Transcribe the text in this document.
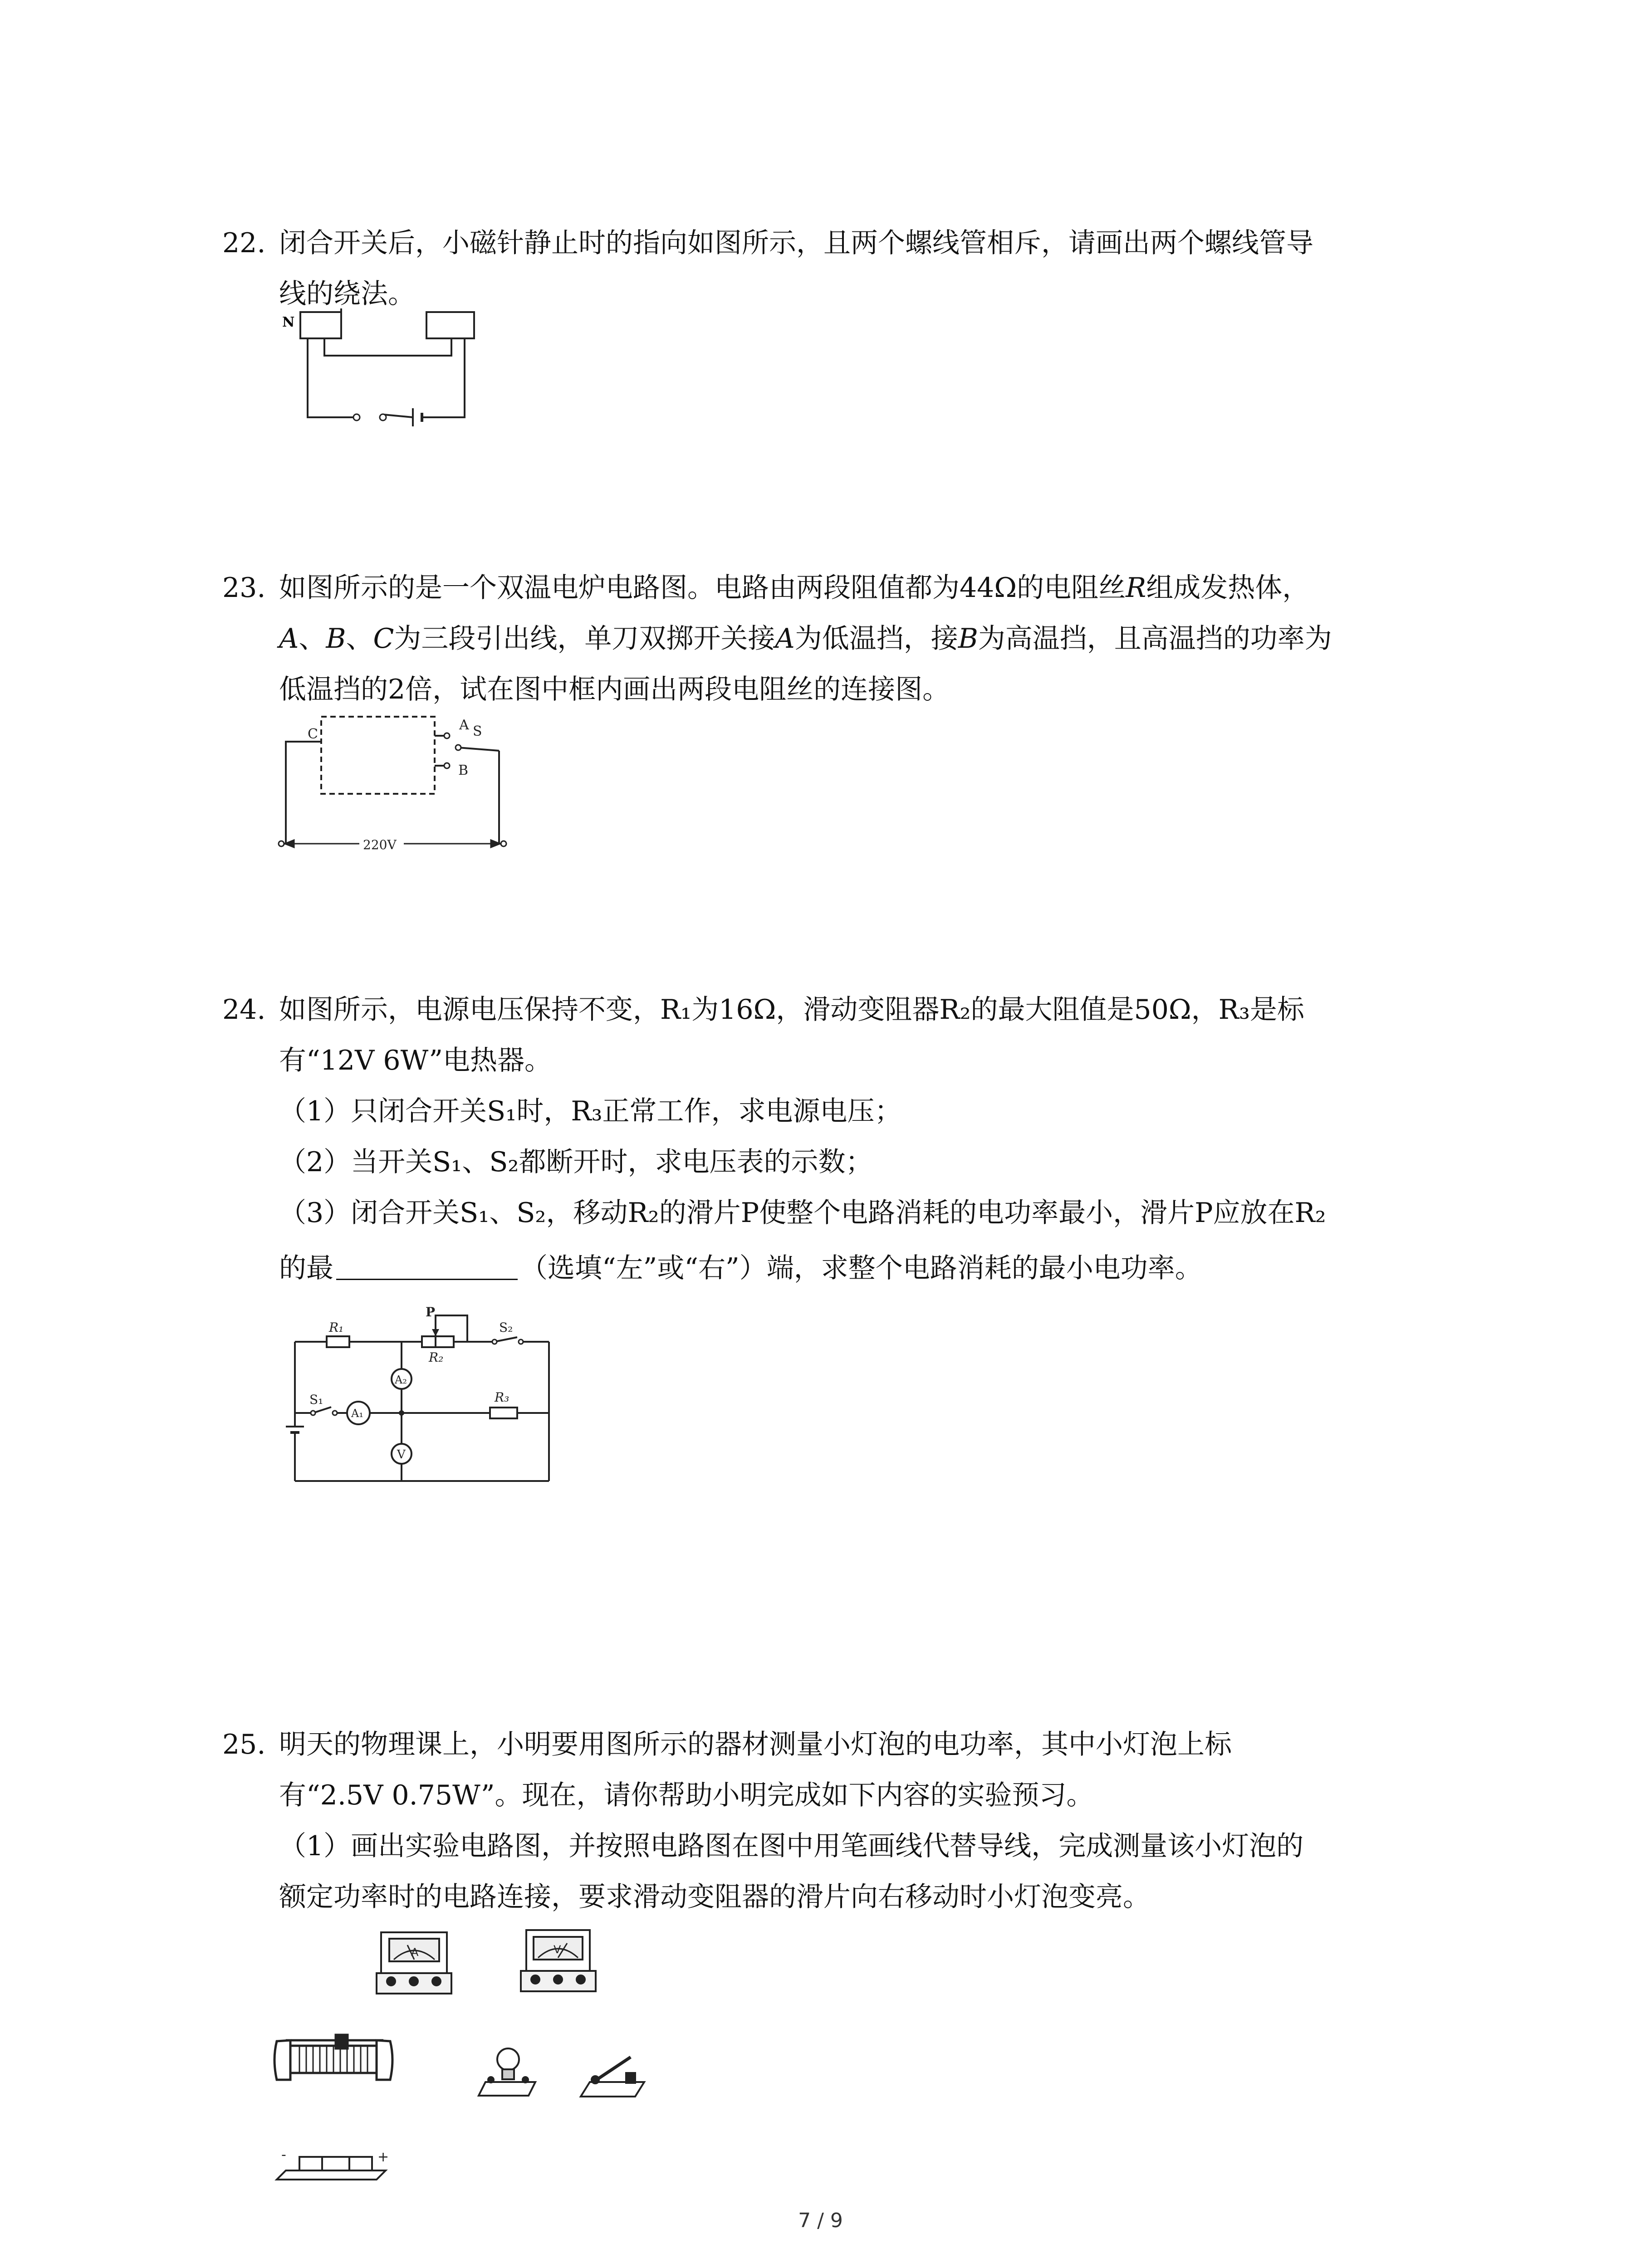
22. 闭合开关后，小磁针静止时的指向如图所示，且两个螺线管相斥，请画出两个螺线管导
线的绕法。
N
23. 如图所示的是一个双温电炉电路图。电路由两段阻值都为44Ω的电阻丝R组成发热体，
A、B、C为三段引出线，单刀双掷开关接A为低温挡，接B为高温挡，且高温挡的功率为
低温挡的2倍，试在图中框内画出两段电阻丝的连接图。
C
A S
B
220V
24. 如图所示，电源电压保持不变，R₁为16Ω，滑动变阻器R₂的最大阻值是50Ω，R₃是标
有“12V 6W”电热器。
（1）只闭合开关S₁时，R₃正常工作，求电源电压；
（2）当开关S₁、S₂都断开时，求电压表的示数；
（3）闭合开关S₁、S₂，移动R₂的滑片P使整个电路消耗的电功率最小，滑片P应放在R₂
的最	（选填“左”或“右”）端，求整个电路消耗的最小电功率。
R₁
R₂
R₃
P
S₂
S₁
A₁
A₂
V
25. 明天的物理课上，小明要用图所示的器材测量小灯泡的电功率，其中小灯泡上标
有“2.5V 0.75W”。现在，请你帮助小明完成如下内容的实验预习。
（1）画出实验电路图，并按照电路图在图中用笔画线代替导线，完成测量该小灯泡的
额定功率时的电路连接，要求滑动变阻器的滑片向右移动时小灯泡变亮。
A	V
-	+
7 / 9
